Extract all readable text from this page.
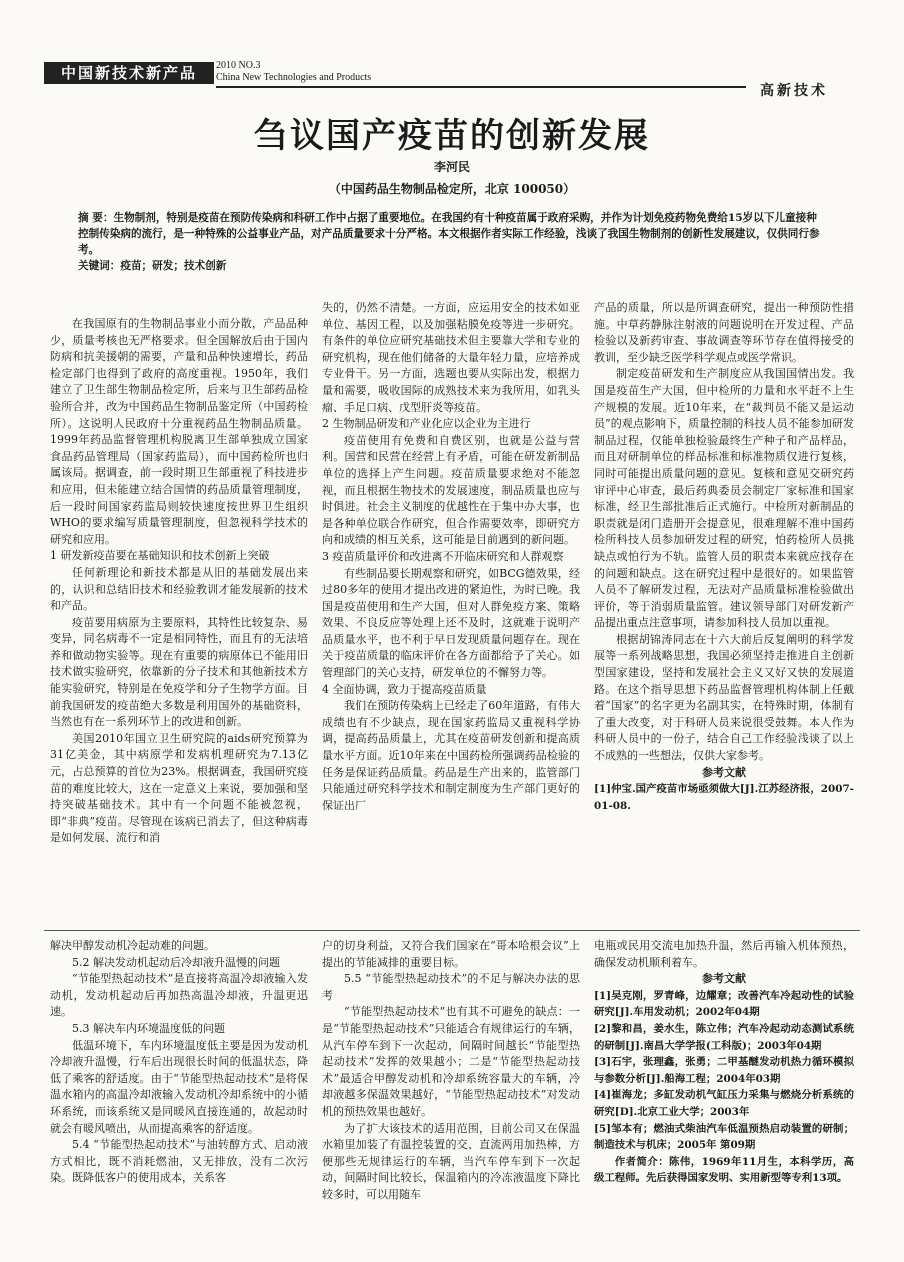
中国新技术新产品	2010 NO.3
China New Technologies and Products
高新技术
刍议国产疫苗的创新发展
李河民
（中国药品生物制品检定所，北京 100050）
摘 要：生物制剂，特别是疫苗在预防传染病和科研工作中占据了重要地位。在我国约有十种疫苗属于政府采购，并作为计划免疫药物免费给15岁以下儿童接种控制传染病的流行，是一种特殊的公益事业产品，对产品质量要求十分严格。本文根据作者实际工作经验，浅谈了我国生物制剂的创新性发展建议，仅供同行参考。
关键词：疫苗；研发；技术创新

在我国原有的生物制品事业小而分散，产品品种少，质量考核也无严格要求。但全国解放后由于国内防病和抗美援朝的需要，产量和品种快速增长，药品检定部门也得到了政府的高度重视。1950年，我们建立了卫生部生物制品检定所，后来与卫生部药品检验所合并，改为中国药品生物制品鉴定所（中国药检所）。这说明人民政府十分重视药品生物制品质量。1999年药品监督管理机构脱离卫生部单独成立国家食品药品管理局（国家药监局），而中国药检所也归属该局。据调查，前一段时期卫生部重视了科技进步和应用，但未能建立结合国情的药品质量管理制度，后一段时间国家药监局则较快速度按世界卫生组织WHO的要求编写质量管理制度，但忽视科学技术的研究和应用。

1 研发新疫苗要在基础知识和技术创新上突破

任何新理论和新技术都是从旧的基础发展出来的，认识和总结旧技术和经验教训才能发展新的技术和产品。

疫苗要用病原为主要原料，其特性比较复杂、易变异，同名病毒不一定是相同特性，而且有的无法培养和做动物实验等。现在有重要的病原体已不能用旧技术做实验研究，依靠新的分子技术和其他新技术方能实验研究，特别是在免疫学和分子生物学方面。目前我国研发的疫苗绝大多数是利用国外的基础资料，当然也有在一系列环节上的改进和创新。

美国2010年国立卫生研究院的aids研究预算为31亿美金，其中病原学和发病机理研究为7.13亿元，占总预算的首位为23%。根据调查，我国研究疫苗的难度比较大，这在一定意义上来说，要加强和坚持突破基础技术。其中有一个问题不能被忽视，即“非典”疫苗。尽管现在该病已消去了，但这种病毒是如何发展、流行和消

失的，仍然不清楚。一方面，应运用安全的技术如亚单位、基因工程，以及加强粘膜免疫等进一步研究。有条件的单位应研究基础技术但主要靠大学和专业的研究机构，现在他们储备的大量年轻力量，应培养成专业骨干。另一方面，选题也要从实际出发，根据力量和需要，吸收国际的成熟技术来为我所用，如乳头瘤、手足口病、戊型肝炎等疫苗。

2 生物制品研发和产业化应以企业为主进行

疫苗使用有免费和自费区别，也就是公益与营利。国营和民营在经营上有矛盾，可能在研发新制品单位的选择上产生问题。疫苗质量要求绝对不能忽视，而且根据生物技术的发展速度，制品质量也应与时俱进。社会主义制度的优越性在于集中办大事，也是各种单位联合作研究，但合作需要效率，即研究方向和成绩的相互关系，这可能是目前遇到的新问题。

3 疫苗质量评价和改进离不开临床研究和人群观察

有些制品要长期观察和研究，如BCG德效果，经过80多年的使用才提出改进的紧迫性，为时已晚。我国是疫苗使用和生产大国，但对人群免疫方案、策略效果、不良反应等处理上还不及时，这就难于说明产品质量水平，也不利于早日发现质量问题存在。现在关于疫苗质量的临床评价在各方面都给予了关心。如管理部门的关心支持，研发单位的不懈努力等。

4 全面协调，致力于提高疫苗质量

我们在预防传染病上已经走了60年道路，有伟大成绩也有不少缺点，现在国家药监局又重视科学协调，提高药品质量上，尤其在疫苗研发创新和提高质量水平方面。近10年来在中国药检所强调药品检验的任务是保证药品质量。药品是生产出来的，监管部门只能通过研究科学技术和制定制度为生产部门更好的保证出厂

产品的质量，所以是所调查研究，提出一种预防性措施。中草药静脉注射液的问题说明在开发过程、产品检验以及新药审查、事故调查等环节存在值得接受的教训，至少缺乏医学科学观点或医学常识。

制定疫苗研发和生产制度应从我国国情出发。我国是疫苗生产大国，但中检所的力量和水平赶不上生产规模的发展。近10年来，在“裁判员不能又是运动员”的观点影响下，质量控制的科技人员不能参加研发制品过程，仅能单独检验最终生产种子和产品样品，而且对研制单位的样品标准和标准物质仅进行复核，同时可能提出质量问题的意见。复核和意见交研究药审评中心审查，最后药典委员会制定厂家标准和国家标准，经卫生部批准后正式施行。中检所对新制品的职责就是闭门造册开会提意见，很难理解不准中国药检所科技人员参加研发过程的研究，怕药检所人员挑缺点或怕行为不轨。监管人员的职责本来就应找存在的问题和缺点。这在研究过程中是很好的。如果监管人员不了解研发过程，无法对产品质量标准检验做出评价，等于消弱质量监管。建议领导部门对研发新产品提出重点注意事项，请参加科技人员加以重视。

根据胡锦涛同志在十六大前后反复阐明的科学发展等一系列战略思想，我国必须坚持走推进自主创新型国家建设，坚持和发展社会主义又好又快的发展道路。在这个指导思想下药品监督管理机构体制上任戴着“国家”的名字更为名副其实，在特殊时期，体制有了重大改变，对于科研人员来说很受鼓舞。本人作为科研人员中的一份子，结合自己工作经验浅谈了以上不成熟的一些想法，仅供大家参考。

参考文献

[1]仲宝.国产疫苗市场亟须做大[J].江苏经济报，2007-01-08.

解决甲醇发动机冷起动难的问题。

5.2 解决发动机起动后冷却液升温慢的问题

“节能型热起动技术”是直接将高温冷却液输入发动机，发动机起动后再加热高温冷却液，升温更迅速。

5.3 解决车内环境温度低的问题

低温环境下，车内环境温度低主要是因为发动机冷却液升温慢，行车后出现很长时间的低温状态，降低了乘客的舒适度。由于“节能型热起动技术”是将保温水箱内的高温冷却液输入发动机冷却系统中的小循环系统，而该系统又是同暖风直接连通的，故起动时就会有暖风喷出，从而提高乘客的舒适度。

5.4 “节能型热起动技术”与油转醇方式、启动液方式相比，既不消耗燃油，又无排放，没有二次污染。既降低客户的使用成本，关系客

户的切身利益，又符合我们国家在“哥本哈根会议”上提出的节能减排的重要目标。

5.5 “节能型热起动技术”的不足与解决办法的思考

“节能型热起动技术”也有其不可避免的缺点：一是“节能型热起动技术”只能适合有规律运行的车辆，从汽车停车到下一次起动，间隔时间越长“节能型热起动技术”发挥的效果越小；二是“节能型热起动技术”最适合甲醇发动机和冷却系统容量大的车辆，冷却液越多保温效果越好，“节能型热起动技术”对发动机的预热效果也越好。

为了扩大该技术的适用范围，目前公司又在保温水箱里加装了有温控装置的交、直流两用加热棒，方便那些无规律运行的车辆，当汽车停车到下一次起动，间隔时间比较长，保温箱内的冷冻液温度下降比较多时，可以用随车

电瓶或民用交流电加热升温，然后再输入机体预热，确保发动机顺利着车。

参考文献

[1]吴克刚，罗青峰，边耀章；改善汽车冷起动性的试验研究[J].车用发动机；2002年04期

[2]黎和昌，姜水生，陈立伟；汽车冷起动动态测试系统的研制[J].南昌大学学报(工科版)；2003年04期

[3]石宇，张理鑫，张勇；二甲基醚发动机热力循环模拟与参数分析[J].船海工程；2004年03期

[4]崔海龙；多缸发动机气缸压力采集与燃烧分析系统的研究[D].北京工业大学；2003年

[5]邹本有；燃油式柴油汽车低温预热启动装置的研制；制造技术与机床；2005年 第09期

作者简介：陈伟，1969年11月生，本科学历，高级工程师。先后获得国家发明、实用新型等专利13项。
